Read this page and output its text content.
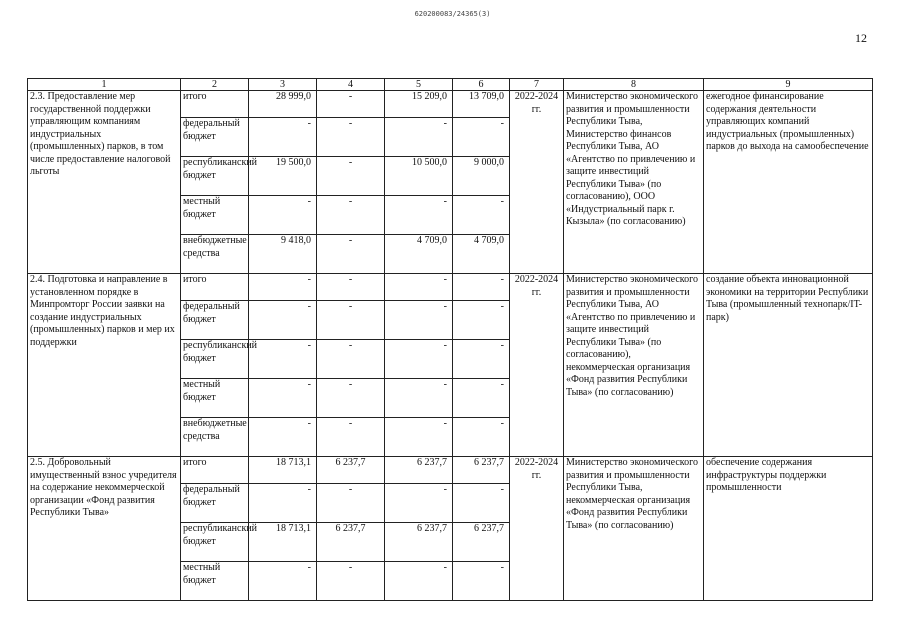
620200083/24365(3)
12
1	2	3	4	5	6	7	8	9
2.3. Предоставление мер государственной поддержки управляющим компаниям индустриальных (промышленных) парков, в том числе предоставление налоговой льготы	итого	28 999,0	-	15 209,0	13 709,0	2022-2024 гг.	Министерство экономического развития и промышленности Республики Тыва, Министерство финансов Республики Тыва, АО «Агентство по привлечению и защите инвестиций Республики Тыва» (по согласованию), ООО «Индустриальный парк г. Кызыла» (по согласованию)	ежегодное финансирование содержания деятельности управляющих компаний индустриальных (промышленных) парков до выхода на самообеспечение
	федеральный бюджет	-	-	-	-			
	республиканский бюджет	19 500,0	-	10 500,0	9 000,0			
	местный бюджет	-	-	-	-			
	внебюджетные средства	9 418,0	-	4 709,0	4 709,0			
2.4. Подготовка и направление в установленном порядке в Минпромторг России заявки на создание индустриальных (промышленных) парков и мер их поддержки	итого	-	-	-	-	2022-2024 гг.	Министерство экономического развития и промышленности Республики Тыва, АО «Агентство по привлечению и защите инвестиций Республики Тыва» (по согласованию), некоммерческая организация «Фонд развития Республики Тыва» (по согласованию)	создание объекта инновационной экономики на территории Республики Тыва (промышленный технопарк/IT-парк)
	федеральный бюджет	-	-	-	-			
	республиканский бюджет	-	-	-	-			
	местный бюджет	-	-	-	-			
	внебюджетные средства	-	-	-	-			
2.5. Добровольный имущественный взнос учредителя на содержание некоммерческой организации «Фонд развития Республики Тыва»	итого	18 713,1	6 237,7	6 237,7	6 237,7	2022-2024 гг.	Министерство экономического развития и промышленности Республики Тыва, некоммерческая организация «Фонд развития Республики Тыва» (по согласованию)	обеспечение содержания инфраструктуры поддержки промышленности
	федеральный бюджет	-	-	-	-			
	республиканский бюджет	18 713,1	6 237,7	6 237,7	6 237,7			
	местный бюджет	-	-	-	-			
